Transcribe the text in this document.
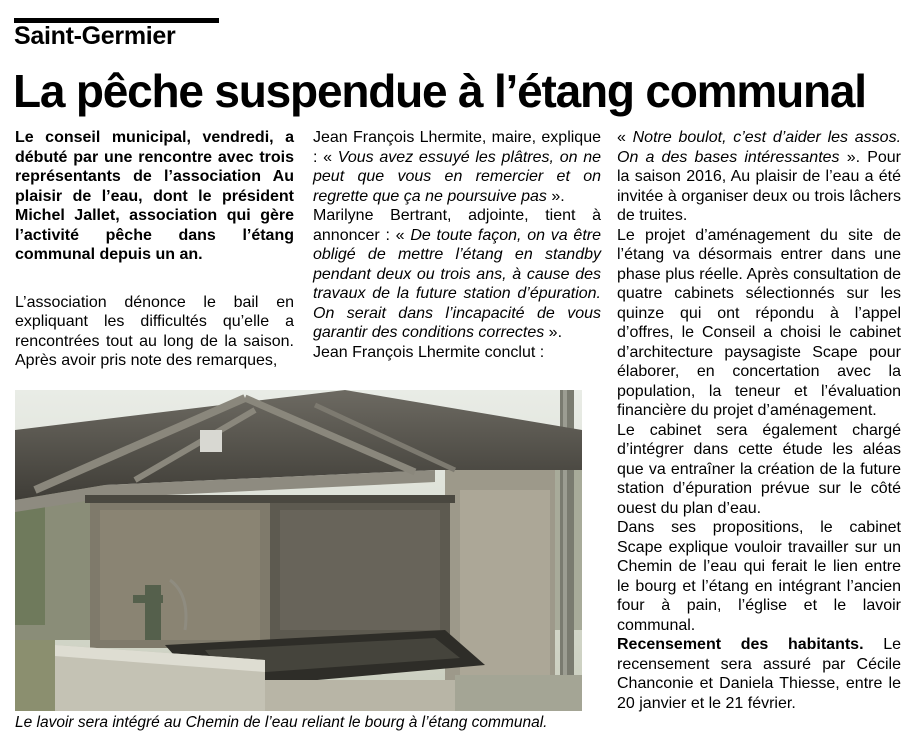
Saint-Germier
La pêche suspendue à l’étang communal

Le conseil municipal, vendredi, a débuté par une rencontre avec trois représentants de l’association Au plaisir de l’eau, dont le président Michel Jallet, association qui gère l’activité pêche dans l’étang communal depuis un an.

L’association dénonce le bail en expliquant les difficultés qu’elle a rencontrées tout au long de la saison. Après avoir pris note des remarques,

Jean François Lhermite, maire, explique : « Vous avez essuyé les plâtres, on ne peut que vous en remercier et on regrette que ça ne poursuive pas ».

Marilyne Bertrant, adjointe, tient à annoncer : « De toute façon, on va être obligé de mettre l’étang en standby pendant deux ou trois ans, à cause des travaux de la future station d’épuration. On serait dans l’incapacité de vous garantir des conditions correctes ».

Jean François Lhermite conclut :

« Notre boulot, c’est d’aider les assos. On a des bases intéressantes ». Pour la saison 2016, Au plaisir de l’eau a été invitée à organiser deux ou trois lâchers de truites.

Le projet d’aménagement du site de l’étang va désormais entrer dans une phase plus réelle. Après consultation de quatre cabinets sélectionnés sur les quinze qui ont répondu à l’appel d’offres, le Conseil a choisi le cabinet d’architecture paysagiste Scape pour élaborer, en concertation avec la population, la teneur et l’évaluation financière du projet d’aménagement.

Le cabinet sera également chargé d’intégrer dans cette étude les aléas que va entraîner la création de la future station d’épuration prévue sur le côté ouest du plan d’eau.

Dans ses propositions, le cabinet Scape explique vouloir travailler sur un Chemin de l’eau qui ferait le lien entre le bourg et l’étang en intégrant l’ancien four à pain, l’église et le lavoir communal.

Recensement des habitants. Le recensement sera assuré par Cécile Chanconie et Daniela Thiesse, entre le 20 janvier et le 21 février.

Le lavoir sera intégré au Chemin de l’eau reliant le bourg à l’étang communal.
